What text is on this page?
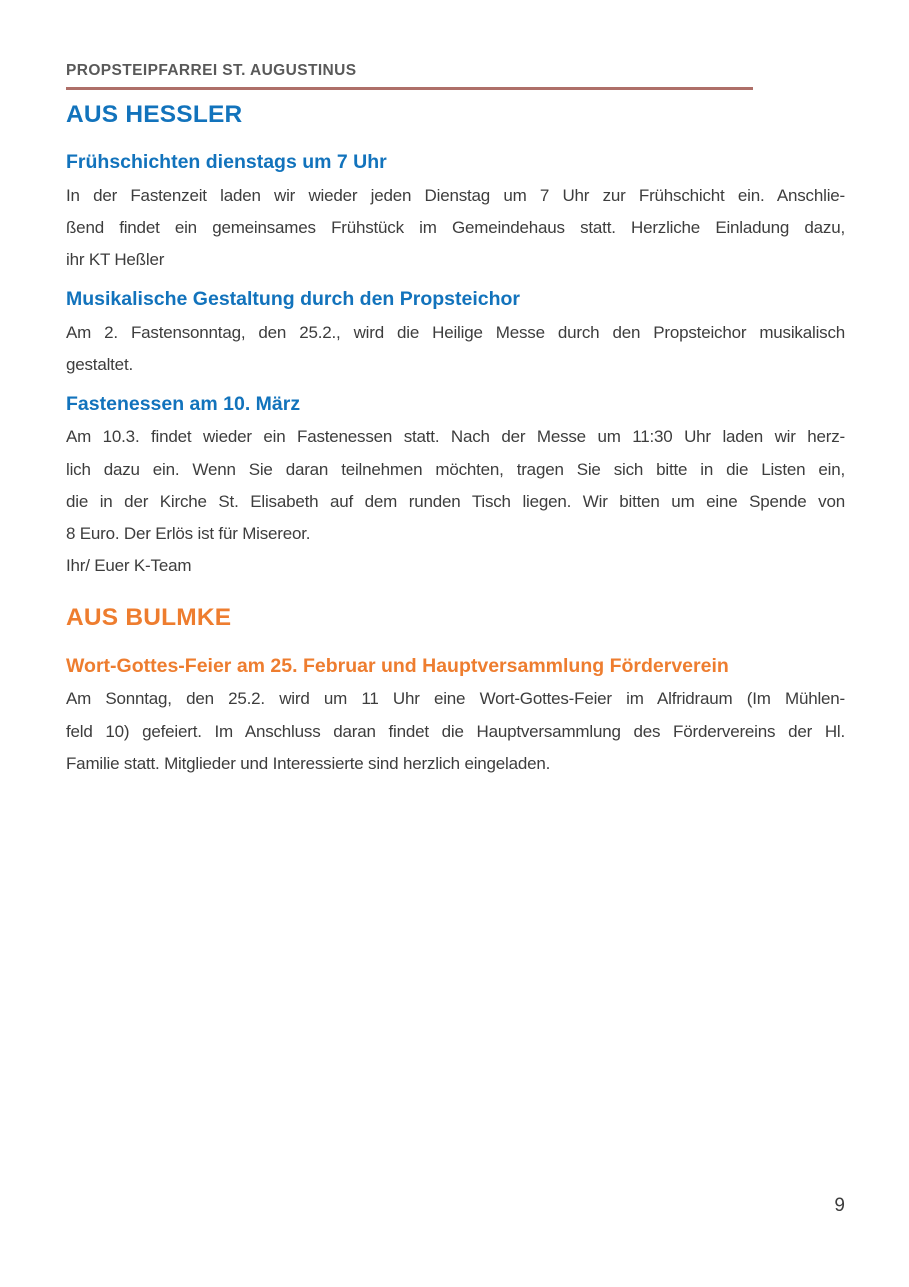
PROPSTEIPFARREI ST. AUGUSTINUS
AUS HESSLER
Frühschichten dienstags um 7 Uhr
In der Fastenzeit laden wir wieder jeden Dienstag um 7 Uhr zur Frühschicht ein. Anschlie-
ßend findet ein gemeinsames Frühstück im Gemeindehaus statt. Herzliche Einladung dazu,
ihr KT Heßler
Musikalische Gestaltung durch den Propsteichor
Am 2. Fastensonntag, den 25.2., wird die Heilige Messe durch den Propsteichor musikalisch
gestaltet.
Fastenessen am 10. März
Am 10.3. findet wieder ein Fastenessen statt. Nach der Messe um 11:30 Uhr laden wir herz-
lich dazu ein. Wenn Sie daran teilnehmen möchten, tragen Sie sich bitte in die Listen ein,
die in der Kirche St. Elisabeth auf dem runden Tisch liegen. Wir bitten um eine Spende von
8 Euro. Der Erlös ist für Misereor.
Ihr/ Euer K-Team
AUS BULMKE
Wort-Gottes-Feier am 25. Februar und Hauptversammlung Förderverein
Am Sonntag, den 25.2. wird um 11 Uhr eine Wort-Gottes-Feier im Alfridraum (Im Mühlen-
feld 10) gefeiert. Im Anschluss daran findet die Hauptversammlung des Fördervereins der Hl.
Familie statt. Mitglieder und Interessierte sind herzlich eingeladen.
9
